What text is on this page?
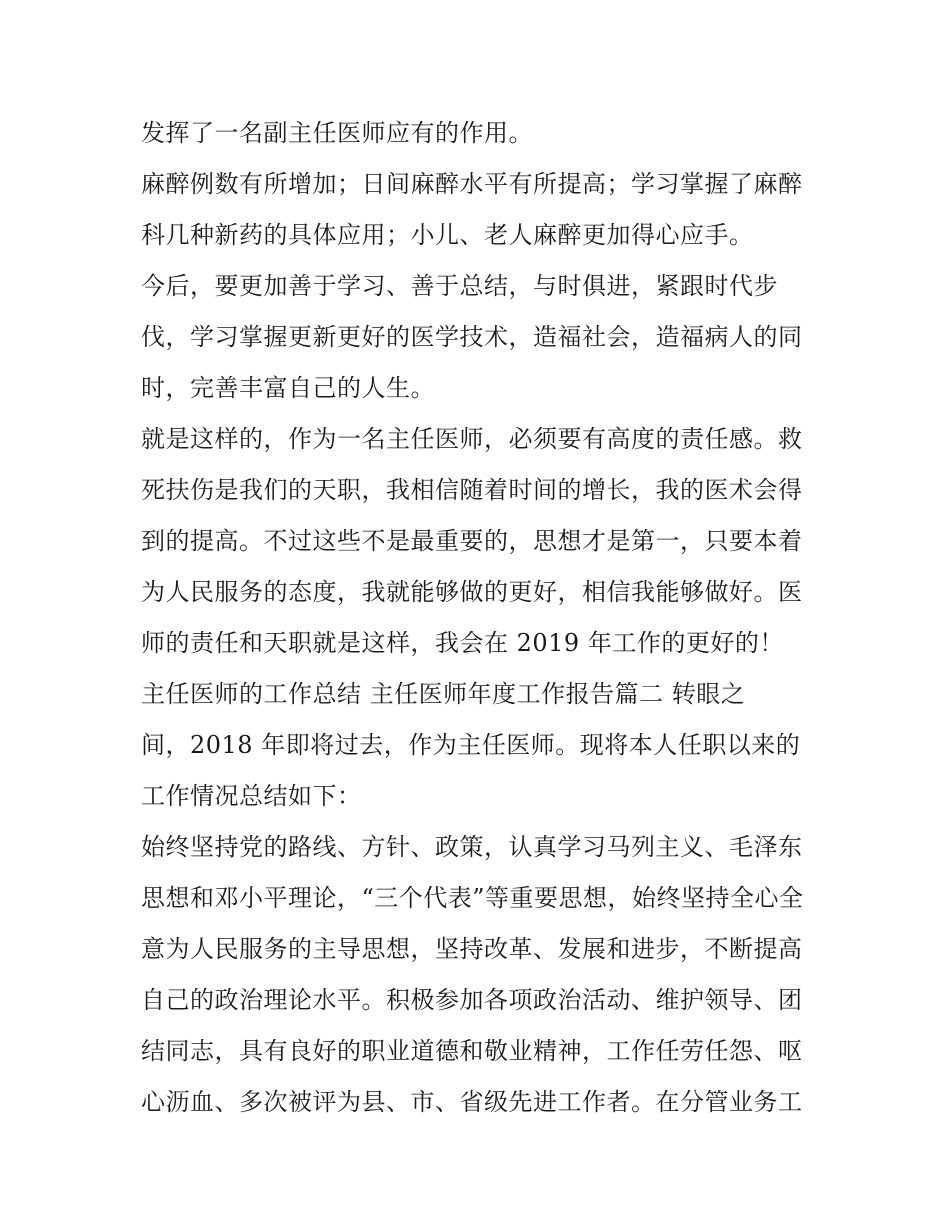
发挥了一名副主任医师应有的作用。
麻醉例数有所增加；日间麻醉水平有所提高；学习掌握了麻醉
科几种新药的具体应用；小儿、老人麻醉更加得心应手。
今后，要更加善于学习、善于总结，与时俱进，紧跟时代步
伐，学习掌握更新更好的医学技术，造福社会，造福病人的同
时，完善丰富自己的人生。
就是这样的，作为一名主任医师，必须要有高度的责任感。救
死扶伤是我们的天职，我相信随着时间的增长，我的医术会得
到的提高。不过这些不是最重要的，思想才是第一，只要本着
为人民服务的态度，我就能够做的更好，相信我能够做好。医
师的责任和天职就是这样，我会在 2019 年工作的更好的！
主任医师的工作总结 主任医师年度工作报告篇二 转眼之
间，2018 年即将过去，作为主任医师。现将本人任职以来的
工作情况总结如下：
始终坚持党的路线、方针、政策，认真学习马列主义、毛泽东
思想和邓小平理论，“三个代表”等重要思想，始终坚持全心全
意为人民服务的主导思想，坚持改革、发展和进步，不断提高
自己的政治理论水平。积极参加各项政治活动、维护领导、团
结同志，具有良好的职业道德和敬业精神，工作任劳任怨、呕
心沥血、多次被评为县、市、省级先进工作者。在分管业务工
